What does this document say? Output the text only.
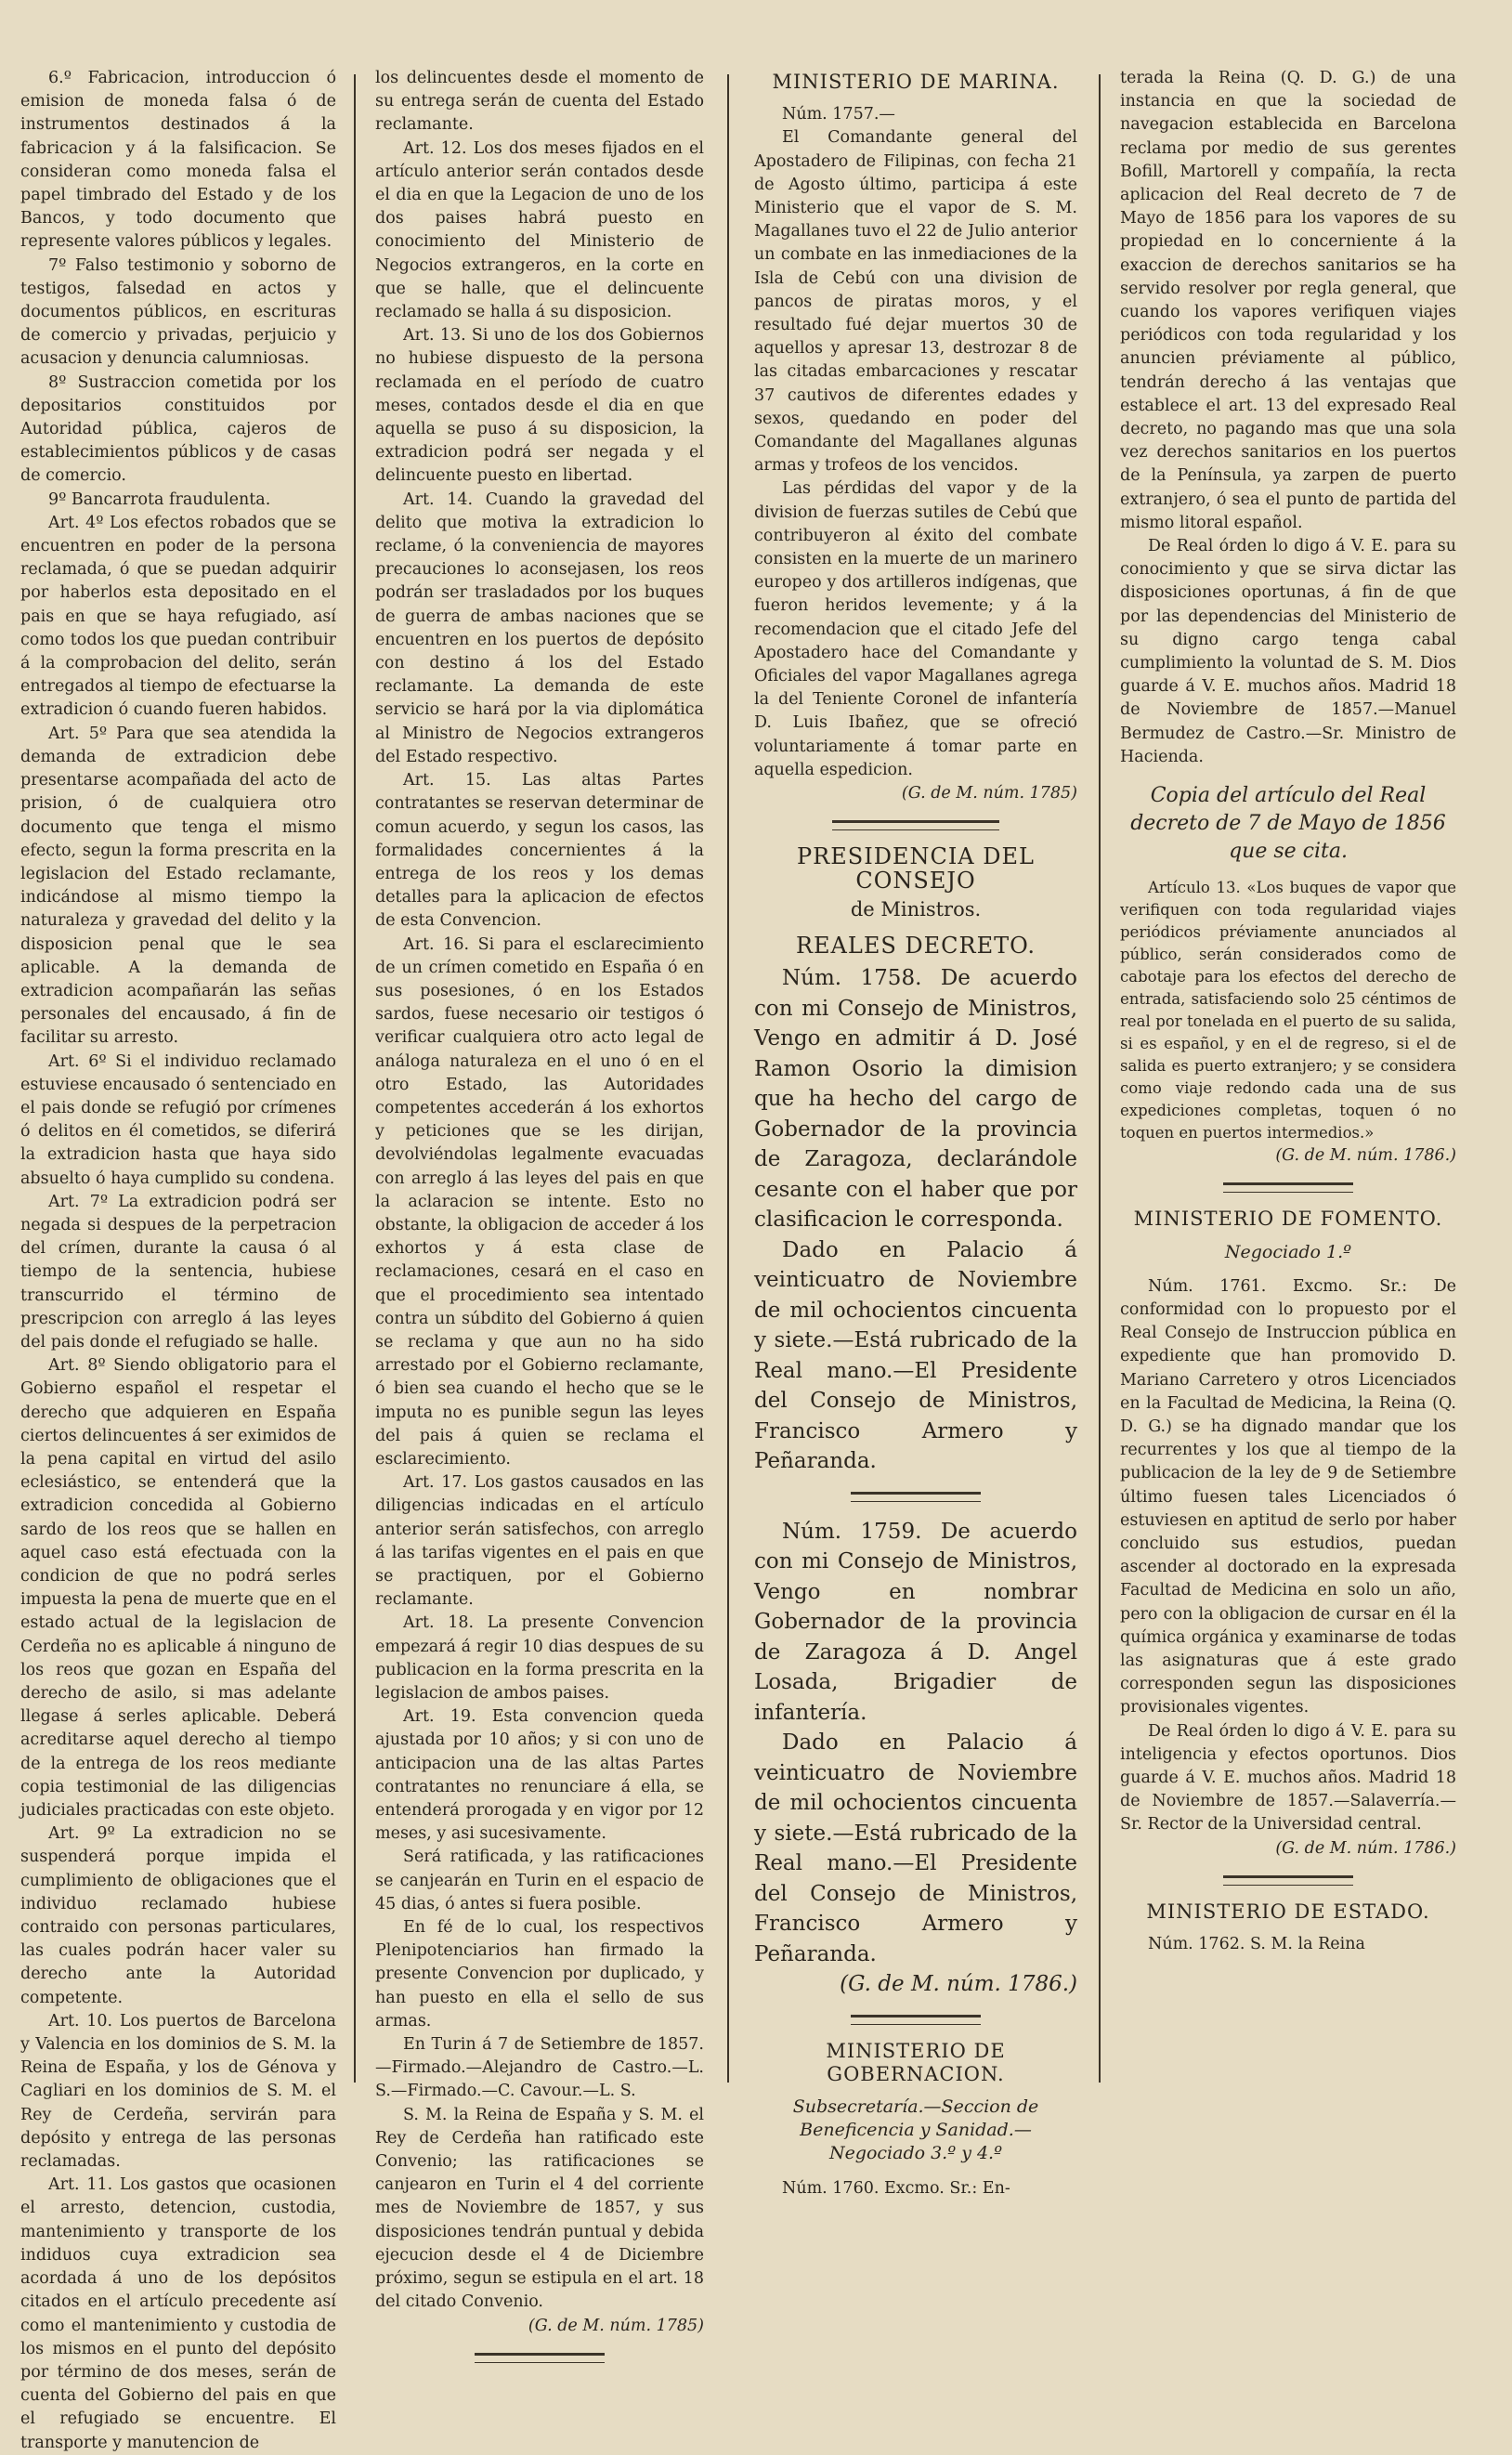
6.º Fabricacion, introduccion ó emision de moneda falsa ó de instrumentos destinados á la fabricacion y á la falsificacion. Se consideran como moneda falsa el papel timbrado del Estado y de los Bancos, y todo documento que represente valores públicos y legales.

7º Falso testimonio y soborno de testigos, falsedad en actos y documentos públicos, en escrituras de comercio y privadas, perjuicio y acusacion y denuncia calumniosas.

8º Sustraccion cometida por los depositarios constituidos por Autoridad pública, cajeros de establecimientos públicos y de casas de comercio.

9º Bancarrota fraudulenta.

Art. 4º Los efectos robados que se encuentren en poder de la persona reclamada, ó que se puedan adquirir por haberlos esta depositado en el pais en que se haya refugiado, así como todos los que puedan contribuir á la comprobacion del delito, serán entregados al tiempo de efectuarse la extradicion ó cuando fueren habidos.

Art. 5º Para que sea atendida la demanda de extradicion debe presentarse acompañada del acto de prision, ó de cualquiera otro documento que tenga el mismo efecto, segun la forma prescrita en la legislacion del Estado reclamante, indicándose al mismo tiempo la naturaleza y gravedad del delito y la disposicion penal que le sea aplicable. A la demanda de extradicion acompañarán las señas personales del encausado, á fin de facilitar su arresto.

Art. 6º Si el individuo reclamado estuviese encausado ó sentenciado en el pais donde se refugió por crímenes ó delitos en él cometidos, se diferirá la extradicion hasta que haya sido absuelto ó haya cumplido su condena.

Art. 7º La extradicion podrá ser negada si despues de la perpetracion del crímen, durante la causa ó al tiempo de la sentencia, hubiese transcurrido el término de prescripcion con arreglo á las leyes del pais donde el refugiado se halle.

Art. 8º Siendo obligatorio para el Gobierno español el respetar el derecho que adquieren en España ciertos delincuentes á ser eximidos de la pena capital en virtud del asilo eclesiástico, se entenderá que la extradicion concedida al Gobierno sardo de los reos que se hallen en aquel caso está efectuada con la condicion de que no podrá serles impuesta la pena de muerte que en el estado actual de la legislacion de Cerdeña no es aplicable á ninguno de los reos que gozan en España del derecho de asilo, si mas adelante llegase á serles aplicable. Deberá acreditarse aquel derecho al tiempo de la entrega de los reos mediante copia testimonial de las diligencias judiciales practicadas con este objeto.

Art. 9º La extradicion no se suspenderá porque impida el cumplimiento de obligaciones que el individuo reclamado hubiese contraido con personas particulares, las cuales podrán hacer valer su derecho ante la Autoridad competente.

Art. 10. Los puertos de Barcelona y Valencia en los dominios de S. M. la Reina de España, y los de Génova y Cagliari en los dominios de S. M. el Rey de Cerdeña, servirán para depósito y entrega de las personas reclamadas.

Art. 11. Los gastos que ocasionen el arresto, detencion, custodia, mantenimiento y transporte de los indiduos cuya extradicion sea acordada á uno de los depósitos citados en el artículo precedente así como el mantenimiento y custodia de los mismos en el punto del depósito por término de dos meses, serán de cuenta del Gobierno del pais en que el refugiado se encuentre. El transporte y manutencion de

los delincuentes desde el momento de su entrega serán de cuenta del Estado reclamante.

Art. 12. Los dos meses fijados en el artículo anterior serán contados desde el dia en que la Legacion de uno de los dos paises habrá puesto en conocimiento del Ministerio de Negocios extrangeros, en la corte en que se halle, que el delincuente reclamado se halla á su disposicion.

Art. 13. Si uno de los dos Gobiernos no hubiese dispuesto de la persona reclamada en el período de cuatro meses, contados desde el dia en que aquella se puso á su disposicion, la extradicion podrá ser negada y el delincuente puesto en libertad.

Art. 14. Cuando la gravedad del delito que motiva la extradicion lo reclame, ó la conveniencia de mayores precauciones lo aconsejasen, los reos podrán ser trasladados por los buques de guerra de ambas naciones que se encuentren en los puertos de depósito con destino á los del Estado reclamante. La demanda de este servicio se hará por la via diplomática al Ministro de Negocios extrangeros del Estado respectivo.

Art. 15. Las altas Partes contratantes se reservan determinar de comun acuerdo, y segun los casos, las formalidades concernientes á la entrega de los reos y los demas detalles para la aplicacion de efectos de esta Convencion.

Art. 16. Si para el esclarecimiento de un crímen cometido en España ó en sus posesiones, ó en los Estados sardos, fuese necesario oir testigos ó verificar cualquiera otro acto legal de análoga naturaleza en el uno ó en el otro Estado, las Autoridades competentes accederán á los exhortos y peticiones que se les dirijan, devolviéndolas legalmente evacuadas con arreglo á las leyes del pais en que la aclaracion se intente. Esto no obstante, la obligacion de acceder á los exhortos y á esta clase de reclamaciones, cesará en el caso en que el procedimiento sea intentado contra un súbdito del Gobierno á quien se reclama y que aun no ha sido arrestado por el Gobierno reclamante, ó bien sea cuando el hecho que se le imputa no es punible segun las leyes del pais á quien se reclama el esclarecimiento.

Art. 17. Los gastos causados en las diligencias indicadas en el artículo anterior serán satisfechos, con arreglo á las tarifas vigentes en el pais en que se practiquen, por el Gobierno reclamante.

Art. 18. La presente Convencion empezará á regir 10 dias despues de su publicacion en la forma prescrita en la legislacion de ambos paises.

Art. 19. Esta convencion queda ajustada por 10 años; y si con uno de anticipacion una de las altas Partes contratantes no renunciare á ella, se entenderá prorogada y en vigor por 12 meses, y asi sucesivamente.

Será ratificada, y las ratificaciones se canjearán en Turin en el espacio de 45 dias, ó antes si fuera posible.

En fé de lo cual, los respectivos Plenipotenciarios han firmado la presente Convencion por duplicado, y han puesto en ella el sello de sus armas.

En Turin á 7 de Setiembre de 1857.—Firmado.—Alejandro de Castro.—L. S.—Firmado.—C. Cavour.—L. S.

S. M. la Reina de España y S. M. el Rey de Cerdeña han ratificado este Convenio; las ratificaciones se canjearon en Turin el 4 del corriente mes de Noviembre de 1857, y sus disposiciones tendrán puntual y debida ejecucion desde el 4 de Diciembre próximo, segun se estipula en el art. 18 del citado Convenio.

(G. de M. núm. 1785)

MINISTERIO DE MARINA.

Núm. 1757.—

El Comandante general del Apostadero de Filipinas, con fecha 21 de Agosto último, participa á este Ministerio que el vapor de S. M. Magallanes tuvo el 22 de Julio anterior un combate en las inmediaciones de la Isla de Cebú con una division de pancos de piratas moros, y el resultado fué dejar muertos 30 de aquellos y apresar 13, destrozar 8 de las citadas embarcaciones y rescatar 37 cautivos de diferentes edades y sexos, quedando en poder del Comandante del Magallanes algunas armas y trofeos de los vencidos.

Las pérdidas del vapor y de la division de fuerzas sutiles de Cebú que contribuyeron al éxito del combate consisten en la muerte de un marinero europeo y dos artilleros indígenas, que fueron heridos levemente; y á la recomendacion que el citado Jefe del Apostadero hace del Comandante y Oficiales del vapor Magallanes agrega la del Teniente Coronel de infantería D. Luis Ibañez, que se ofreció voluntariamente á tomar parte en aquella espedicion.

(G. de M. núm. 1785)

PRESIDENCIA DEL CONSEJO

de Ministros.

REALES DECRETO.

Núm. 1758. De acuerdo con mi Consejo de Ministros, Vengo en admitir á D. José Ramon Osorio la dimision que ha hecho del cargo de Gobernador de la provincia de Zaragoza, declarándole cesante con el haber que por clasificacion le corresponda.

Dado en Palacio á veinticuatro de Noviembre de mil ochocientos cincuenta y siete.—Está rubricado de la Real mano.—El Presidente del Consejo de Ministros, Francisco Armero y Peñaranda.

Núm. 1759. De acuerdo con mi Consejo de Ministros, Vengo en nombrar Gobernador de la provincia de Zaragoza á D. Angel Losada, Brigadier de infantería.

Dado en Palacio á veinticuatro de Noviembre de mil ochocientos cincuenta y siete.—Está rubricado de la Real mano.—El Presidente del Consejo de Ministros, Francisco Armero y Peñaranda.

(G. de M. núm. 1786.)

MINISTERIO DE GOBERNACION.

Subsecretaría.—Seccion de Beneficencia y Sanidad.—Negociado 3.º y 4.º

Núm. 1760. Excmo. Sr.: En-

terada la Reina (Q. D. G.) de una instancia en que la sociedad de navegacion establecida en Barcelona reclama por medio de sus gerentes Bofill, Martorell y compañía, la recta aplicacion del Real decreto de 7 de Mayo de 1856 para los vapores de su propiedad en lo concerniente á la exaccion de derechos sanitarios se ha servido resolver por regla general, que cuando los vapores verifiquen viajes periódicos con toda regularidad y los anuncien préviamente al público, tendrán derecho á las ventajas que establece el art. 13 del expresado Real decreto, no pagando mas que una sola vez derechos sanitarios en los puertos de la Península, ya zarpen de puerto extranjero, ó sea el punto de partida del mismo litoral español.

De Real órden lo digo á V. E. para su conocimiento y que se sirva dictar las disposiciones oportunas, á fin de que por las dependencias del Ministerio de su digno cargo tenga cabal cumplimiento la voluntad de S. M. Dios guarde á V. E. muchos años. Madrid 18 de Noviembre de 1857.—Manuel Bermudez de Castro.—Sr. Ministro de Hacienda.

Copia del artículo del Real decreto de 7 de Mayo de 1856 que se cita.

Artículo 13. «Los buques de vapor que verifiquen con toda regularidad viajes periódicos préviamente anunciados al público, serán considerados como de cabotaje para los efectos del derecho de entrada, satisfaciendo solo 25 céntimos de real por tonelada en el puerto de su salida, si es español, y en el de regreso, si el de salida es puerto extranjero; y se considera como viaje redondo cada una de sus expediciones completas, toquen ó no toquen en puertos intermedios.»

(G. de M. núm. 1786.)

MINISTERIO DE FOMENTO.

Negociado 1.º

Núm. 1761. Excmo. Sr.: De conformidad con lo propuesto por el Real Consejo de Instruccion pública en expediente que han promovido D. Mariano Carretero y otros Licenciados en la Facultad de Medicina, la Reina (Q. D. G.) se ha dignado mandar que los recurrentes y los que al tiempo de la publicacion de la ley de 9 de Setiembre último fuesen tales Licenciados ó estuviesen en aptitud de serlo por haber concluido sus estudios, puedan ascender al doctorado en la expresada Facultad de Medicina en solo un año, pero con la obligacion de cursar en él la química orgánica y examinarse de todas las asignaturas que á este grado corresponden segun las disposiciones provisionales vigentes.

De Real órden lo digo á V. E. para su inteligencia y efectos oportunos. Dios guarde á V. E. muchos años. Madrid 18 de Noviembre de 1857.—Salaverría.—Sr. Rector de la Universidad central.

(G. de M. núm. 1786.)

MINISTERIO DE ESTADO.

Núm. 1762. S. M. la Reina
